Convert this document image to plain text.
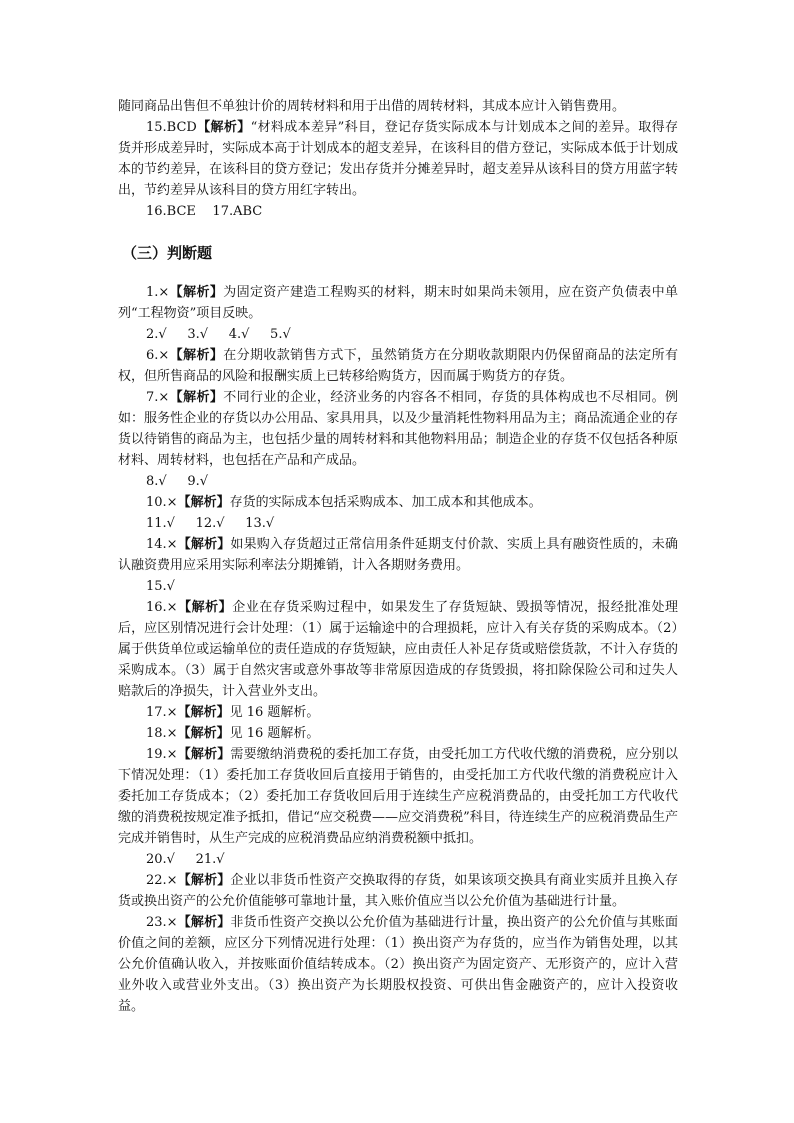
随同商品出售但不单独计价的周转材料和用于出借的周转材料，其成本应计入销售费用。

15.BCD【解析】“材料成本差异”科目，登记存货实际成本与计划成本之间的差异。取得存货并形成差异时，实际成本高于计划成本的超支差异，在该科目的借方登记，实际成本低于计划成本的节约差异，在该科目的贷方登记；发出存货并分摊差异时，超支差异从该科目的贷方用蓝字转出，节约差异从该科目的贷方用红字转出。

16.BCE    17.ABC

（三）判断题

1.×【解析】为固定资产建造工程购买的材料，期末时如果尚未领用，应在资产负债表中单列“工程物资”项目反映。

2.√     3.√     4.√     5.√

6.×【解析】在分期收款销售方式下，虽然销货方在分期收款期限内仍保留商品的法定所有权，但所售商品的风险和报酬实质上已转移给购货方，因而属于购货方的存货。

7.×【解析】不同行业的企业，经济业务的内容各不相同，存货的具体构成也不尽相同。例如：服务性企业的存货以办公用品、家具用具，以及少量消耗性物料用品为主；商品流通企业的存货以待销售的商品为主，也包括少量的周转材料和其他物料用品；制造企业的存货不仅包括各种原材料、周转材料，也包括在产品和产成品。

8.√     9.√

10.×【解析】存货的实际成本包括采购成本、加工成本和其他成本。

11.√     12.√     13.√

14.×【解析】如果购入存货超过正常信用条件延期支付价款、实质上具有融资性质的，未确认融资费用应采用实际利率法分期摊销，计入各期财务费用。

15.√

16.×【解析】企业在存货采购过程中，如果发生了存货短缺、毁损等情况，报经批准处理后，应区别情况进行会计处理：（1）属于运输途中的合理损耗，应计入有关存货的采购成本。（2）属于供货单位或运输单位的责任造成的存货短缺，应由责任人补足存货或赔偿货款，不计入存货的采购成本。（3）属于自然灾害或意外事故等非常原因造成的存货毁损，将扣除保险公司和过失人赔款后的净损失，计入营业外支出。

17.×【解析】见 16 题解析。

18.×【解析】见 16 题解析。

19.×【解析】需要缴纳消费税的委托加工存货，由受托加工方代收代缴的消费税，应分别以下情况处理：（1）委托加工存货收回后直接用于销售的，由受托加工方代收代缴的消费税应计入委托加工存货成本；（2）委托加工存货收回后用于连续生产应税消费品的，由受托加工方代收代缴的消费税按规定准予抵扣，借记“应交税费——应交消费税”科目，待连续生产的应税消费品生产完成并销售时，从生产完成的应税消费品应纳消费税额中抵扣。

20.√     21.√

22.×【解析】企业以非货币性资产交换取得的存货，如果该项交换具有商业实质并且换入存货或换出资产的公允价值能够可靠地计量，其入账价值应当以公允价值为基础进行计量。

23.×【解析】非货币性资产交换以公允价值为基础进行计量，换出资产的公允价值与其账面价值之间的差额，应区分下列情况进行处理：（1）换出资产为存货的，应当作为销售处理，以其公允价值确认收入，并按账面价值结转成本。（2）换出资产为固定资产、无形资产的，应计入营业外收入或营业外支出。（3）换出资产为长期股权投资、可供出售金融资产的，应计入投资收益。
